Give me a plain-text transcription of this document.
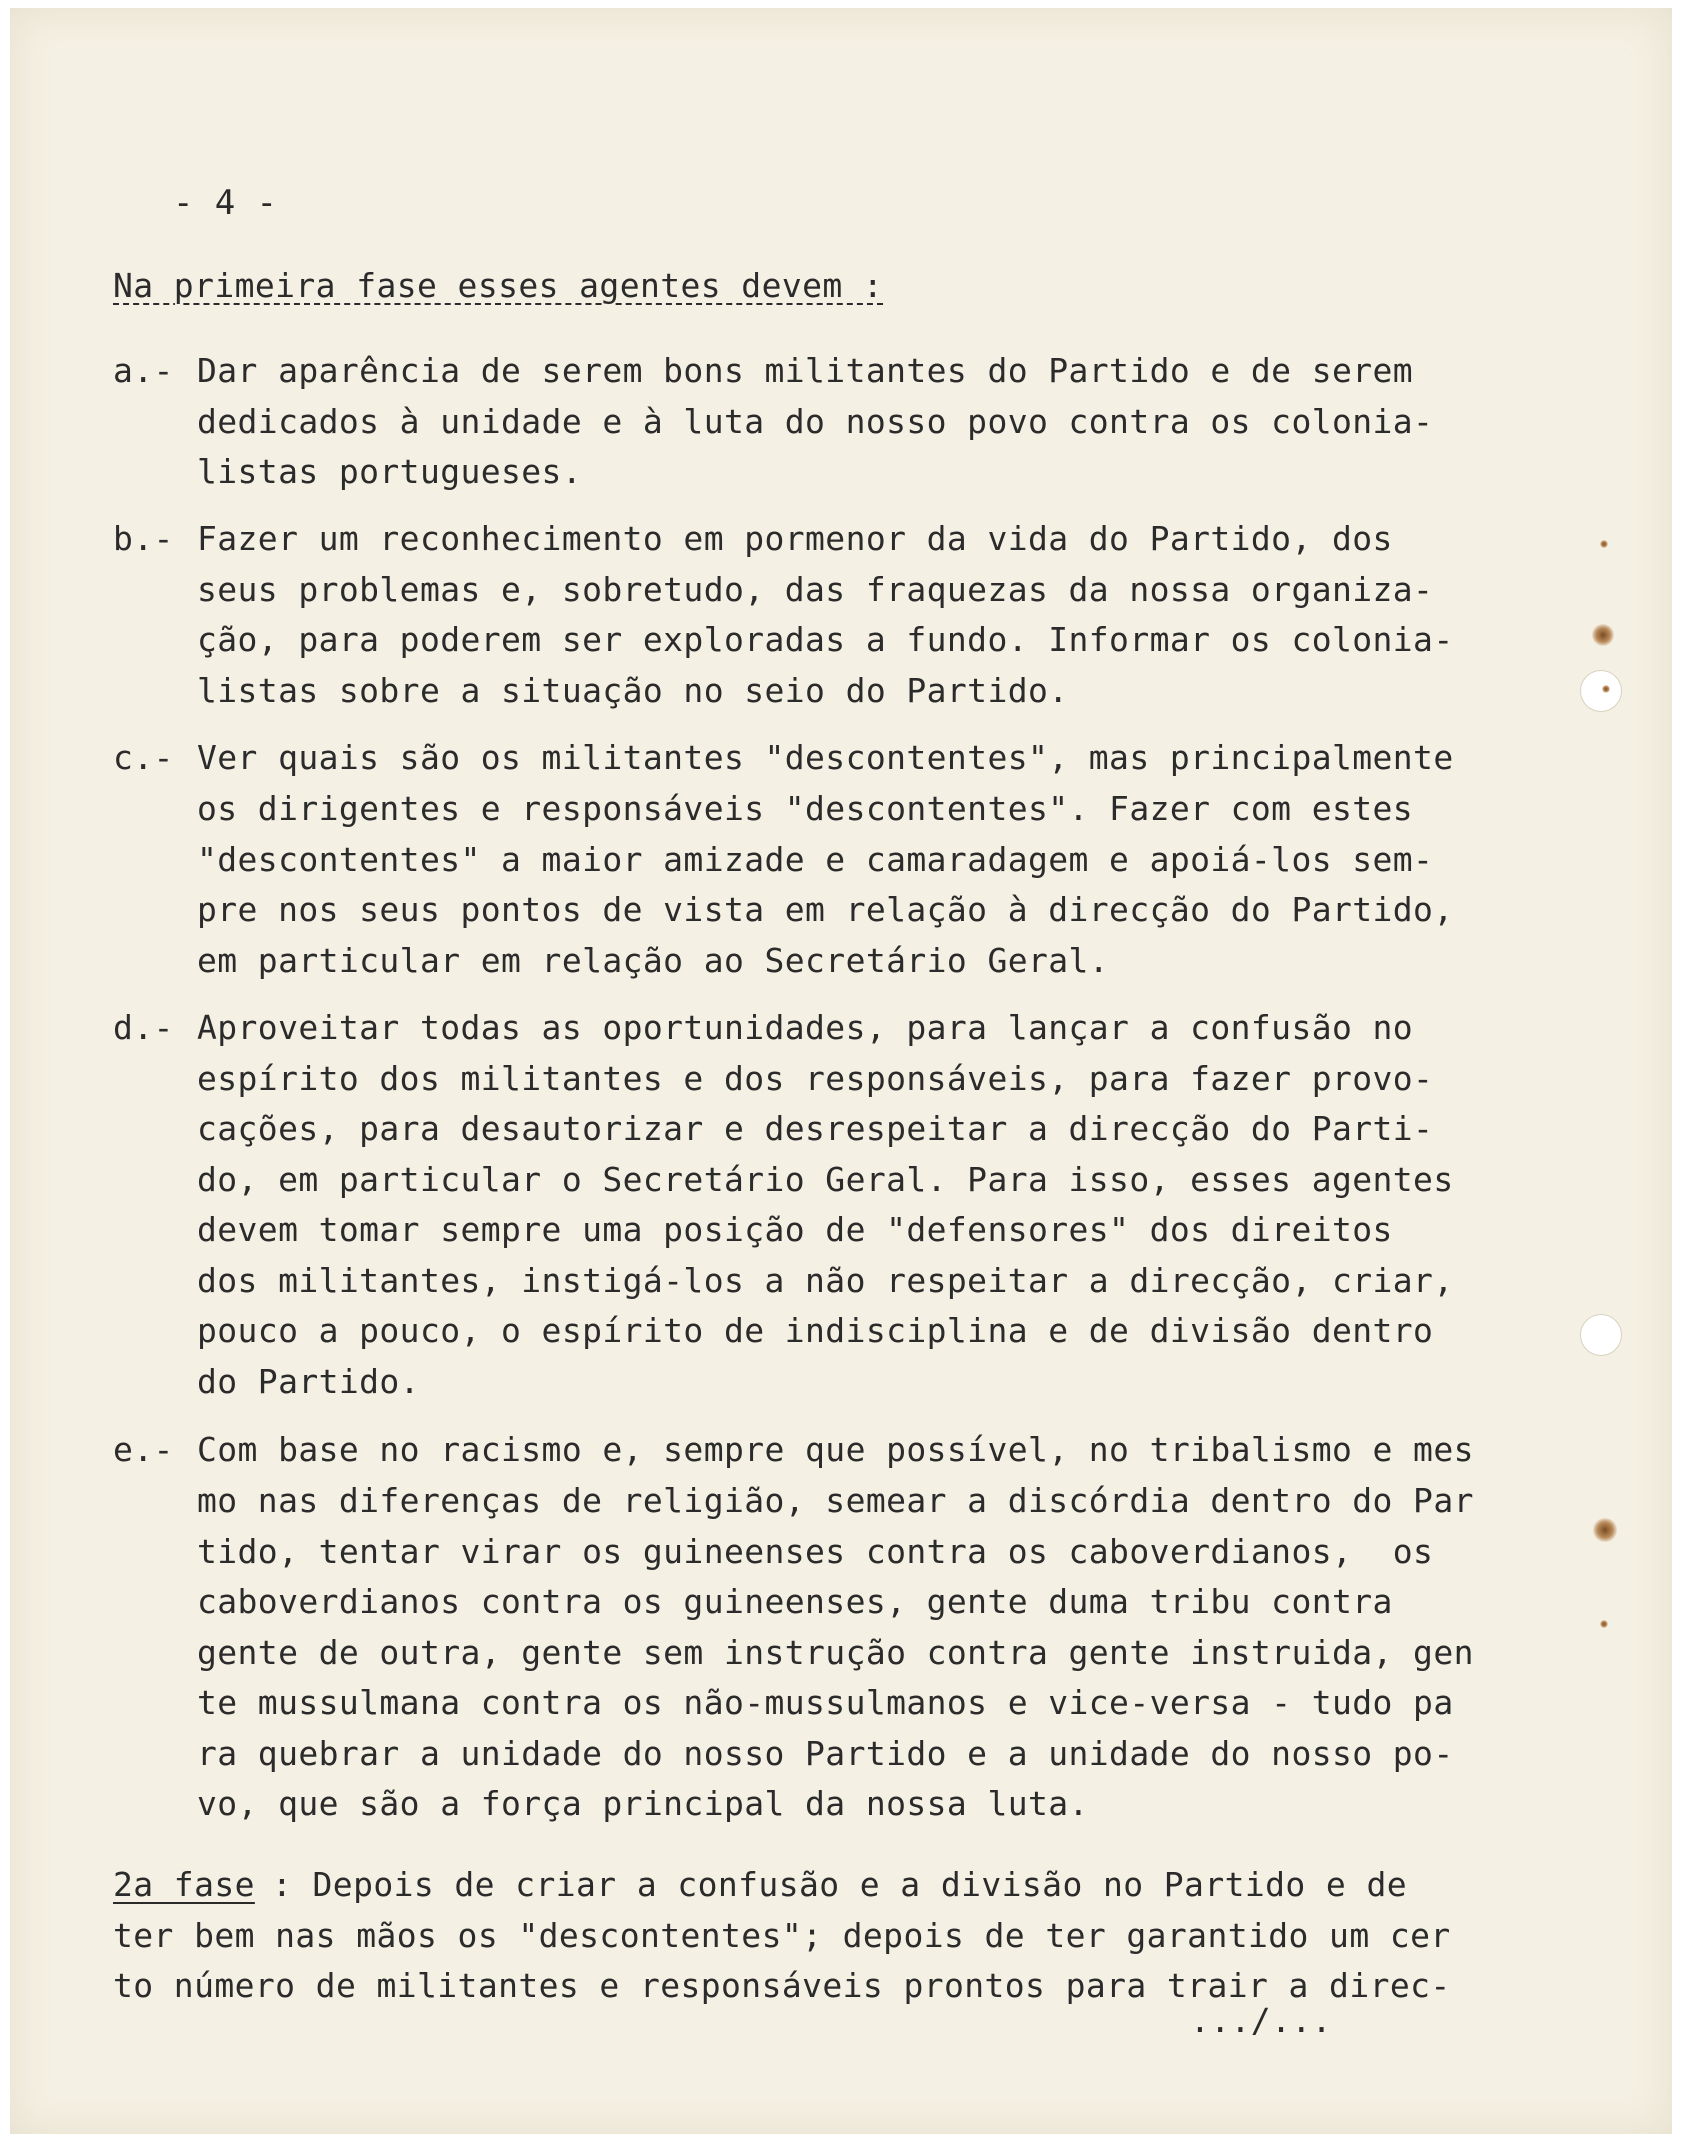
- 4 -
Na primeira fase esses agentes devem :
a.- Dar aparência de serem bons militantes do Partido e de serem
dedicados à unidade e à luta do nosso povo contra os colonia-
listas portugueses.
b.- Fazer um reconhecimento em pormenor da vida do Partido, dos
seus problemas e, sobretudo, das fraquezas da nossa organiza-
ção, para poderem ser exploradas a fundo. Informar os colonia-
listas sobre a situação no seio do Partido.
c.- Ver quais são os militantes "descontentes", mas principalmente
os dirigentes e responsáveis "descontentes". Fazer com estes
"descontentes" a maior amizade e camaradagem e apoiá-los sem-
pre nos seus pontos de vista em relação à direcção do Partido,
em particular em relação ao Secretário Geral.
d.- Aproveitar todas as oportunidades, para lançar a confusão no
espírito dos militantes e dos responsáveis, para fazer provo-
cações, para desautorizar e desrespeitar a direcção do Parti-
do, em particular o Secretário Geral. Para isso, esses agentes
devem tomar sempre uma posição de "defensores" dos direitos
dos militantes, instigá-los a não respeitar a direcção, criar,
pouco a pouco, o espírito de indisciplina e de divisão dentro
do Partido.
e.- Com base no racismo e, sempre que possível, no tribalismo e mes
mo nas diferenças de religião, semear a discórdia dentro do Par
tido, tentar virar os guineenses contra os caboverdianos,  os
caboverdianos contra os guineenses, gente duma tribu contra
gente de outra, gente sem instrução contra gente instruida, gen
te mussulmana contra os não-mussulmanos e vice-versa - tudo pa
ra quebrar a unidade do nosso Partido e a unidade do nosso po-
vo, que são a força principal da nossa luta.
2a fase : Depois de criar a confusão e a divisão no Partido e de
ter bem nas mãos os "descontentes"; depois de ter garantido um cer
to número de militantes e responsáveis prontos para trair a direc-
.../...
